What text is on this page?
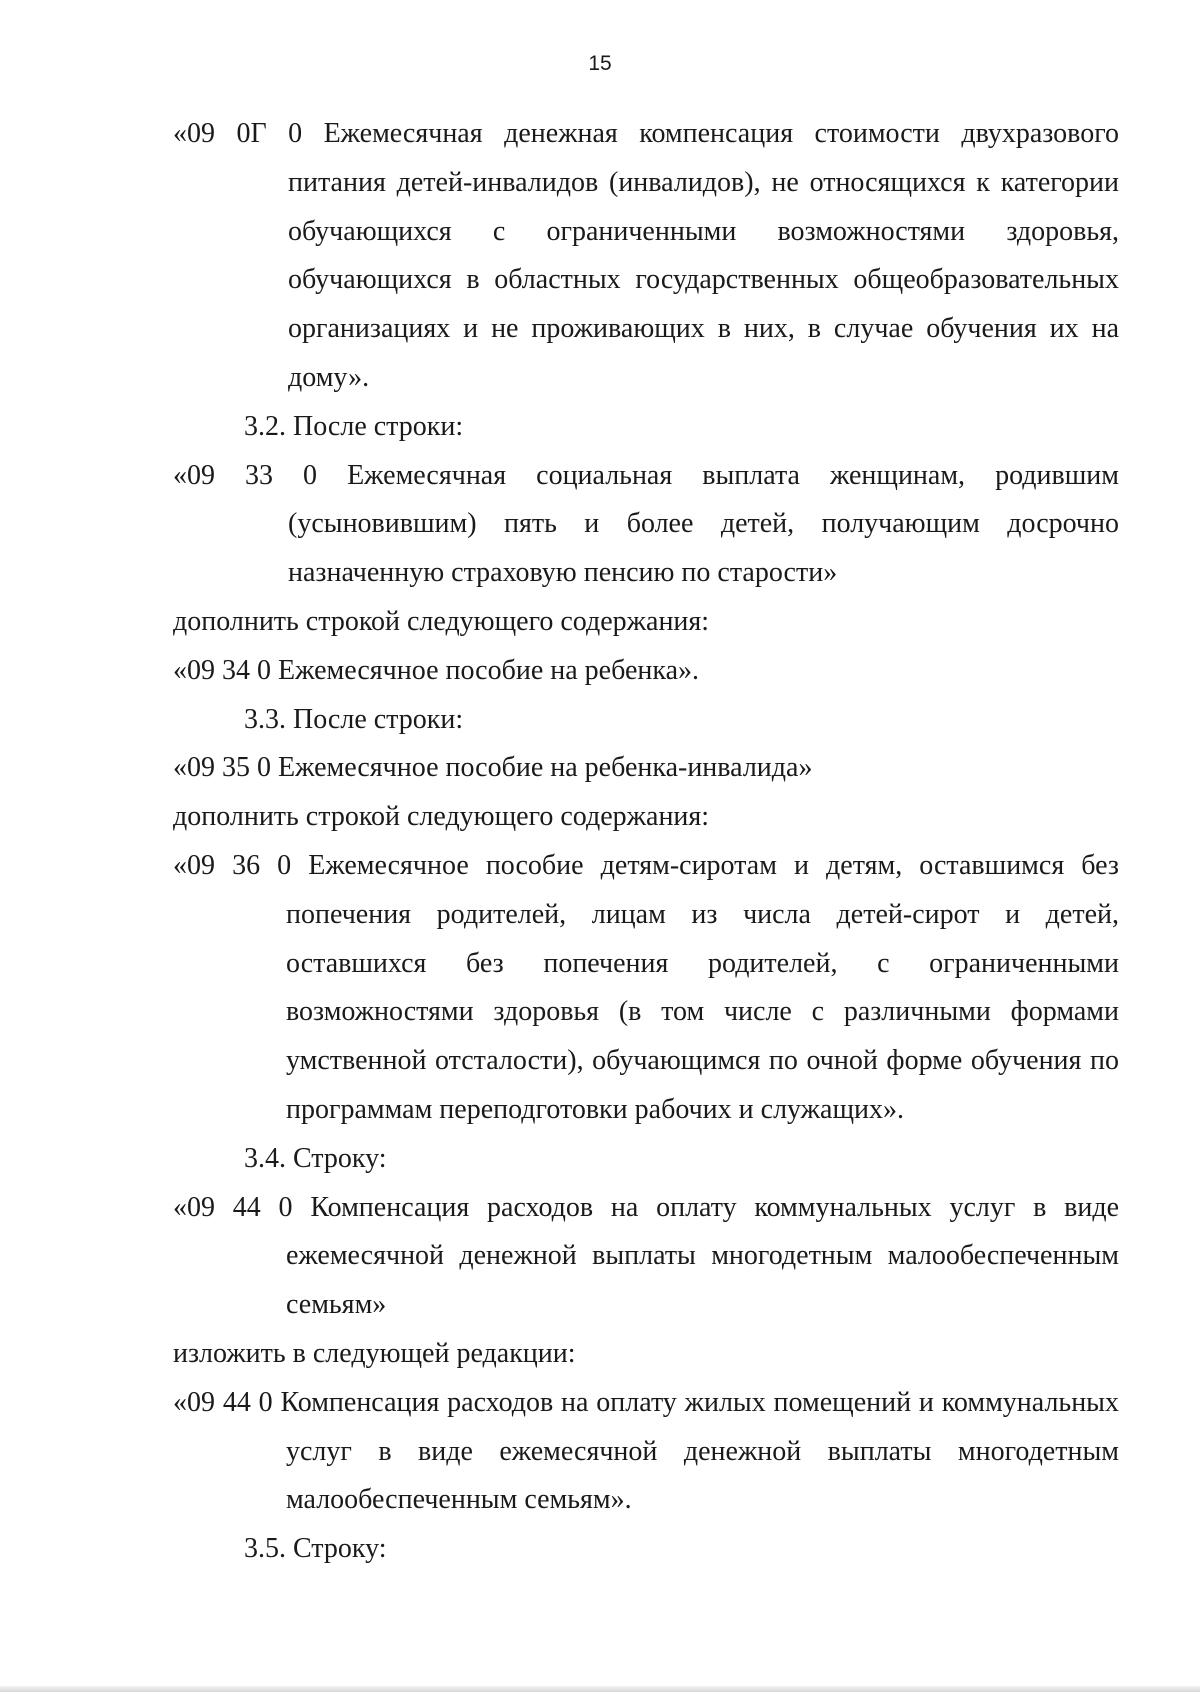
15

«09 0Г 0 Ежемесячная денежная компенсация стоимости двухразового питания детей-инвалидов (инвалидов), не относящихся к категории обучающихся с ограниченными возможностями здоровья, обучающихся в областных государственных общеобразовательных организациях и не проживающих в них, в случае обучения их на дому».

3.2. После строки:

«09 33 0 Ежемесячная социальная выплата женщинам, родившим (усыновившим) пять и более детей, получающим досрочно назначенную страховую пенсию по старости»

дополнить строкой следующего содержания:

«09 34 0 Ежемесячное пособие на ребенка».

3.3. После строки:

«09 35 0 Ежемесячное пособие на ребенка-инвалида»

дополнить строкой следующего содержания:

«09 36 0 Ежемесячное пособие детям-сиротам и детям, оставшимся без попечения родителей, лицам из числа детей-сирот и детей, оставшихся без попечения родителей, с ограниченными возможностями здоровья (в том числе с различными формами умственной отсталости), обучающимся по очной форме обучения по программам переподготовки рабочих и служащих».

3.4. Строку:

«09 44 0 Компенсация расходов на оплату коммунальных услуг в виде ежемесячной денежной выплаты многодетным малообеспеченным семьям»

изложить в следующей редакции:

«09 44 0 Компенсация расходов на оплату жилых помещений и коммунальных услуг в виде ежемесячной денежной выплаты многодетным малообеспеченным семьям».

3.5. Строку:
